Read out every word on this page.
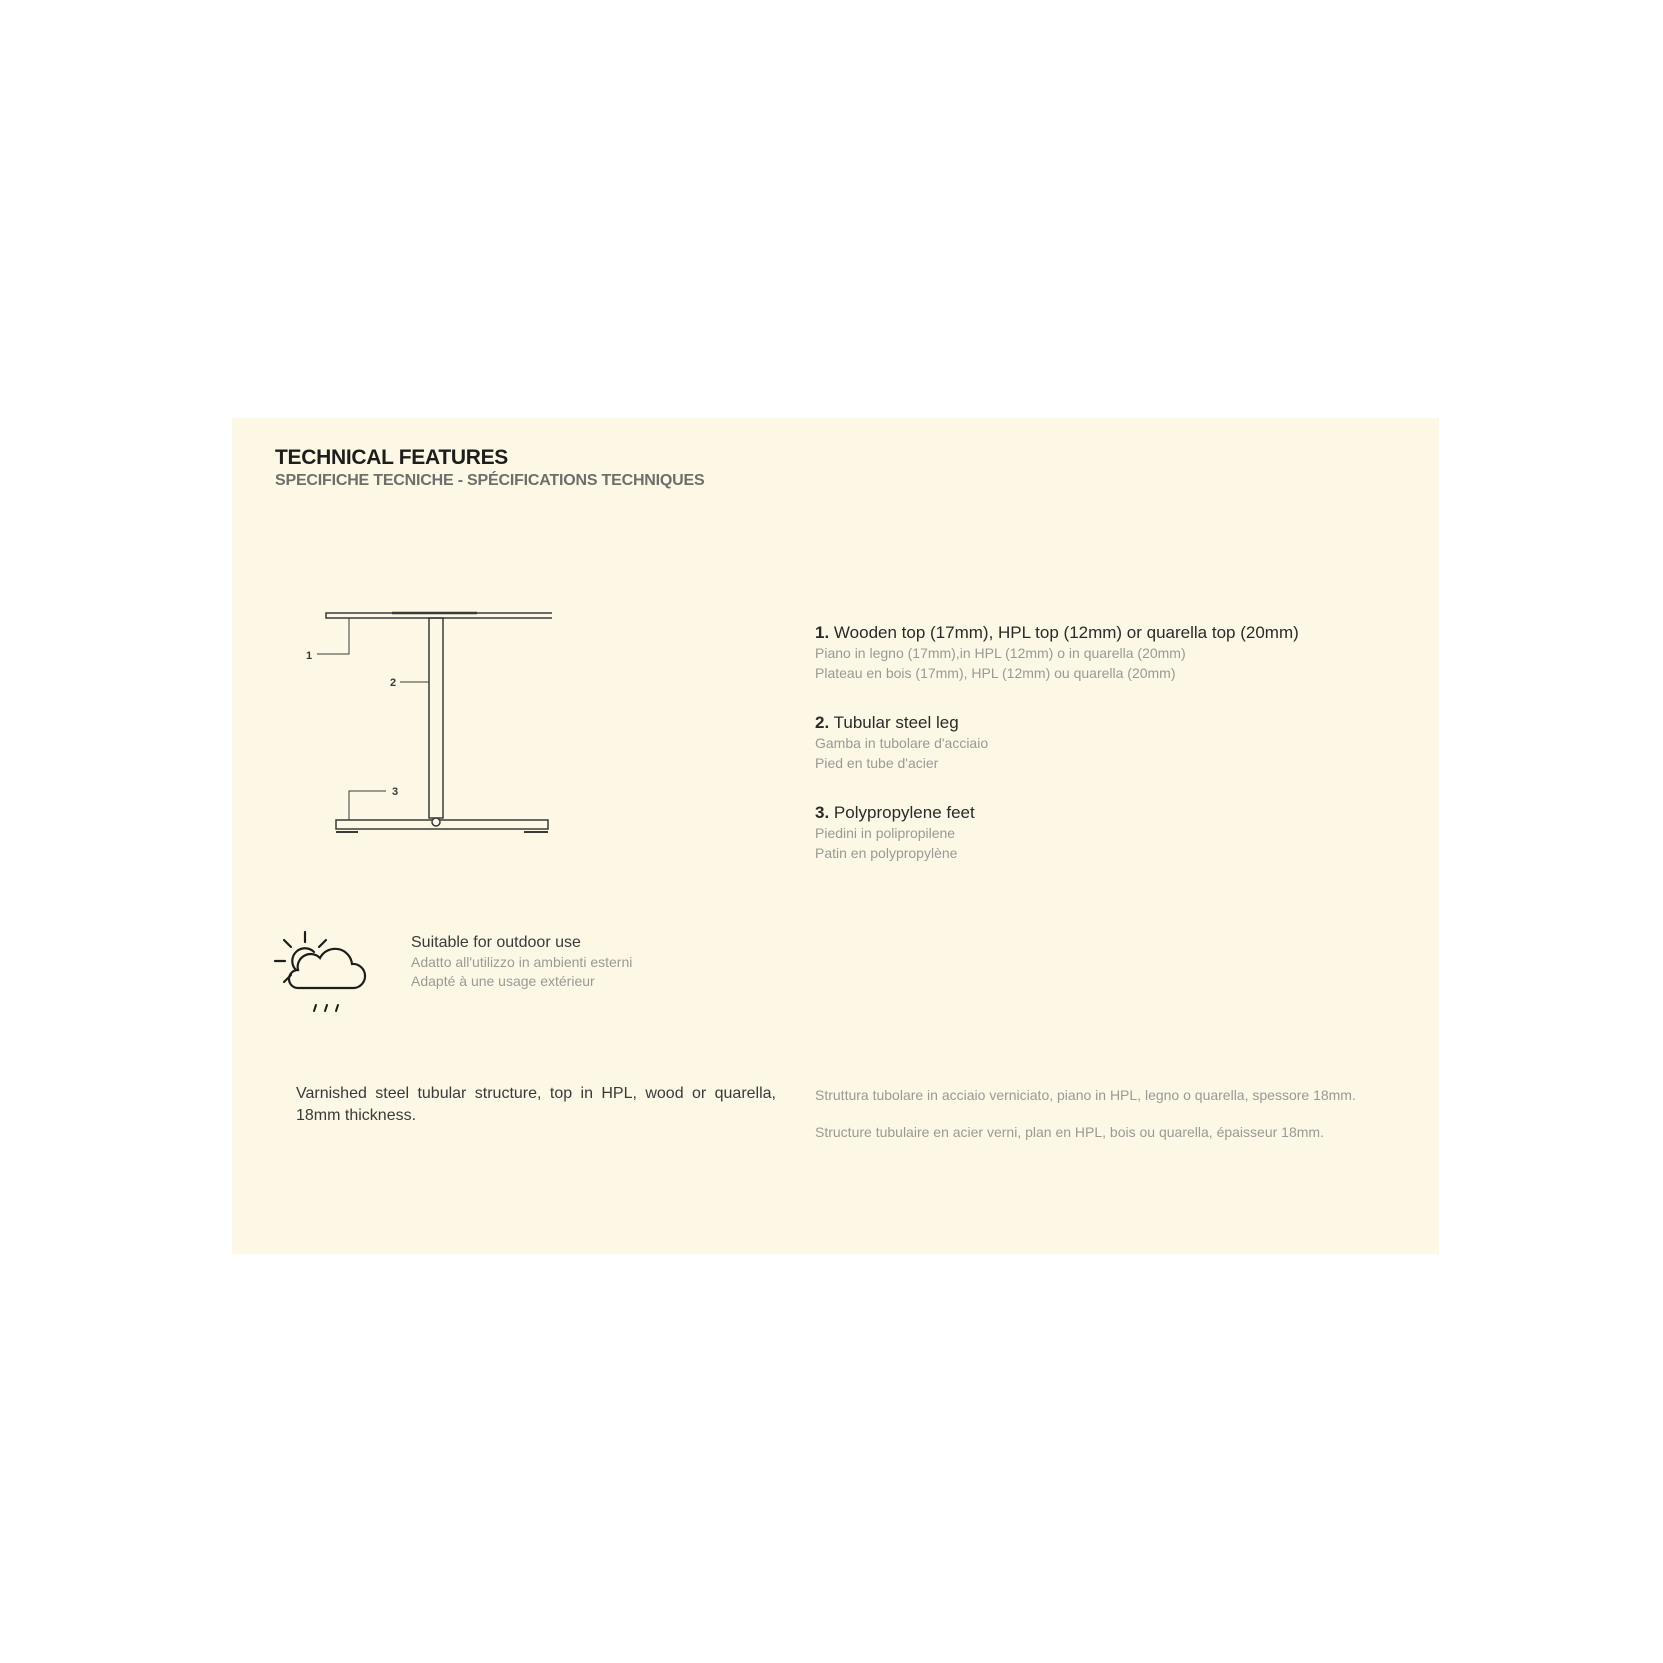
TECHNICAL FEATURES
SPECIFICHE TECNICHE - SPÉCIFICATIONS TECHNIQUES
1
2
3
1. Wooden top (17mm), HPL top (12mm) or quarella top (20mm)
Piano in legno (17mm),in HPL (12mm) o in quarella (20mm)
Plateau en bois (17mm), HPL (12mm) ou quarella (20mm)
2. Tubular steel leg
Gamba in tubolare d'acciaio
Pied en tube d'acier
3. Polypropylene feet
Piedini in polipropilene
Patin en polypropylène
Suitable for outdoor use
Adatto all'utilizzo in ambienti esterni
Adapté à une usage extérieur
Varnished steel tubular structure, top in HPL, wood or quarella, 18mm thickness.
Struttura tubolare in acciaio verniciato, piano in HPL, legno o quarella, spessore 18mm.
Structure tubulaire en acier verni, plan en HPL, bois ou quarella, épaisseur 18mm.
